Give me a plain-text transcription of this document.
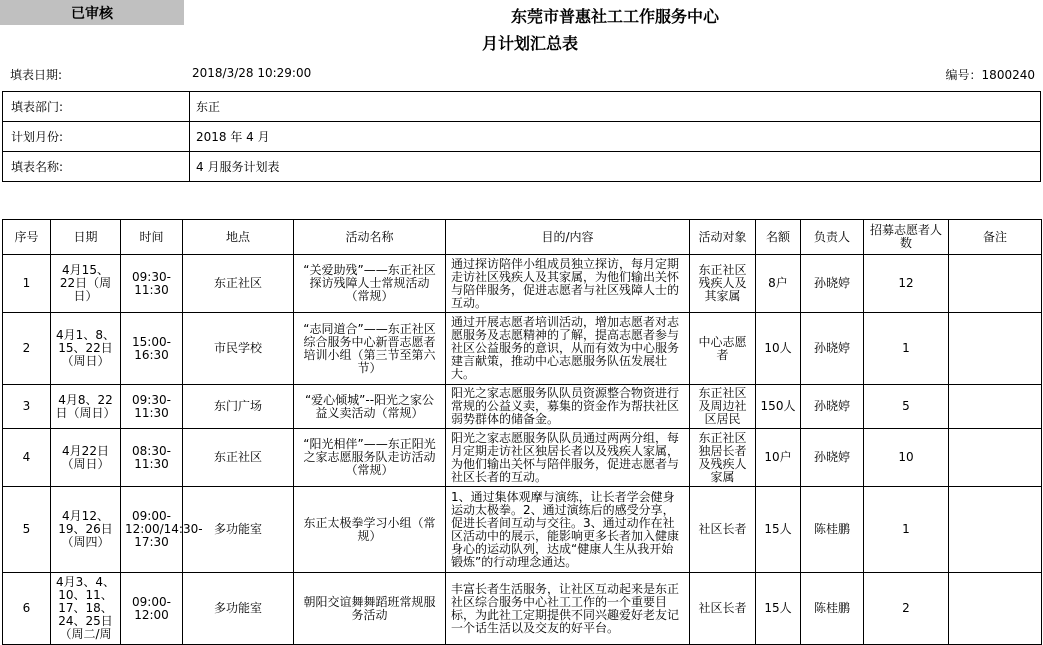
已审核	东莞市普惠社工工作服务中心
月计划汇总表
填表日期:	2018/3/28 10:29:00	编号：1800240
填表部门:	东正
计划月份:	2018 年 4 月
填表名称:	4 月服务计划表
序号	日期	时间	地点	活动名称	目的/内容	活动对象	名额	负责人	招募志愿者人数	备注
1	4月15、22日（周日）	09:30-11:30	东正社区	“关爱助残”——东正社区探访残障人士常规活动（常规）	通过探访陪伴小组成员独立探访，每月定期走访社区残疾人及其家属，为他们输出关怀与陪伴服务，促进志愿者与社区残障人士的互动。	东正社区残疾人及其家属	8户	孙晓婷	12	
2	4月1、8、15、22日（周日）	15:00-16:30	市民学校	“志同道合”——东正社区综合服务中心新晋志愿者培训小组（第三节至第六节）	通过开展志愿者培训活动，增加志愿者对志愿服务及志愿精神的了解，提高志愿者参与社区公益服务的意识，从而有效为中心服务建言献策，推动中心志愿服务队伍发展壮大。	中心志愿者	10人	孙晓婷	1	
3	4月8、22日（周日）	09:30-11:30	东门广场	“爱心倾城”--阳光之家公益义卖活动（常规）	阳光之家志愿服务队队员资源整合物资进行常规的公益义卖，募集的资金作为帮扶社区弱势群体的储备金。	东正社区及周边社区居民	150人	孙晓婷	5	
4	4月22日（周日）	08:30-11:30	东正社区	“阳光相伴”——东正阳光之家志愿服务队走访活动（常规）	阳光之家志愿服务队队员通过两两分组，每月定期走访社区独居长者以及残疾人家属，为他们输出关怀与陪伴服务，促进志愿者与社区长者的互动。	东正社区独居长者及残疾人家属	10户	孙晓婷	10	
5	4月12、19、26日（周四）	09:00-12:00/14:30-17:30	多功能室	东正太极拳学习小组（常规）	1、通过集体观摩与演练，让长者学会健身运动太极拳。2、通过演练后的感受分享，促进长者间互动与交往。3、通过动作在社区活动中的展示，能影响更多长者加入健康身心的运动队列，达成“健康人生从我开始锻炼”的行动理念通达。	社区长者	15人	陈桂鹏	1	
6	4月3、4、10、11、17、18、24、25日（周二/周	09:00-12:00	多功能室	朝阳交谊舞舞蹈班常规服务活动	丰富长者生活服务，让社区互动起来是东正社区综合服务中心社工工作的一个重要目标，为此社工定期提供不同兴趣爱好老友记一个话生活以及交友的好平台。	社区长者	15人	陈桂鹏	2	
